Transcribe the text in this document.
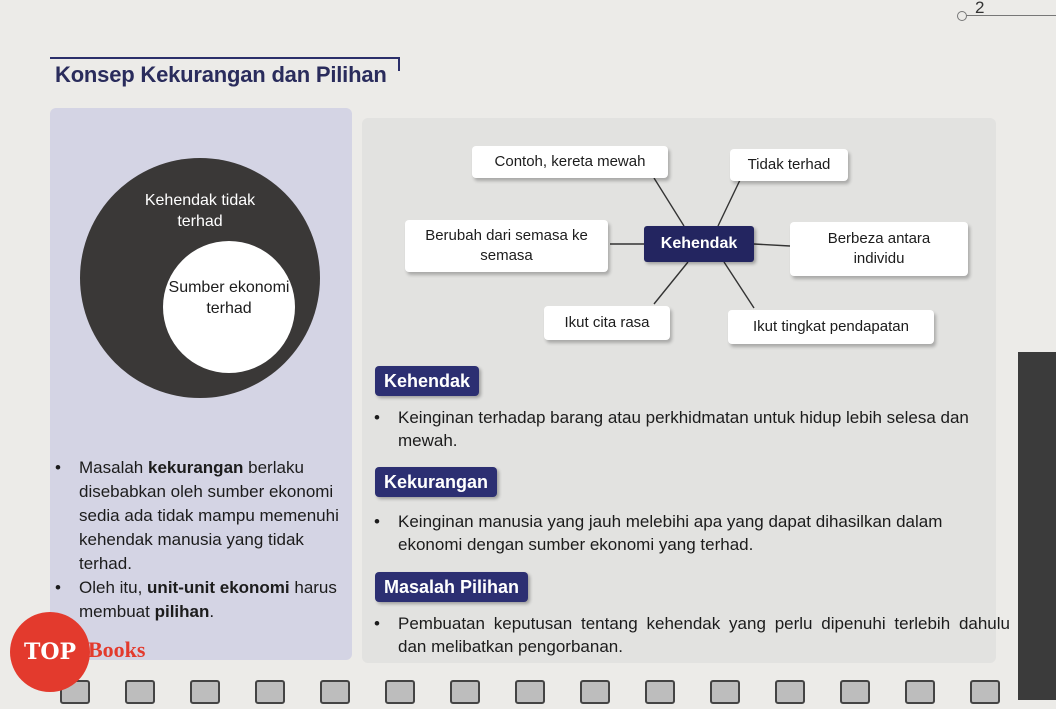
2
Konsep Kekurangan dan Pilihan
Kehendak tidak terhad
Sumber ekonomi terhad
• Masalah kekurangan berlaku disebabkan oleh sumber ekonomi sedia ada tidak mampu memenuhi kehendak manusia yang tidak terhad.
• Oleh itu, unit-unit ekonomi harus membuat pilihan.
Contoh, kereta mewah	Tidak terhad
Berubah dari semasa ke semasa
Berbeza antara individu
Ikut cita rasa	Ikut tingkat pendapatan
Kehendak
Kehendak
• Keinginan terhadap barang atau perkhidmatan untuk hidup lebih selesa dan mewah.
Kekurangan
• Keinginan manusia yang jauh melebihi apa yang dapat dihasilkan dalam ekonomi dengan sumber ekonomi yang terhad.
Masalah Pilihan
• Pembuatan keputusan tentang kehendak yang perlu dipenuhi terlebih dahulu dan melibatkan pengorbanan.
TOP Books
